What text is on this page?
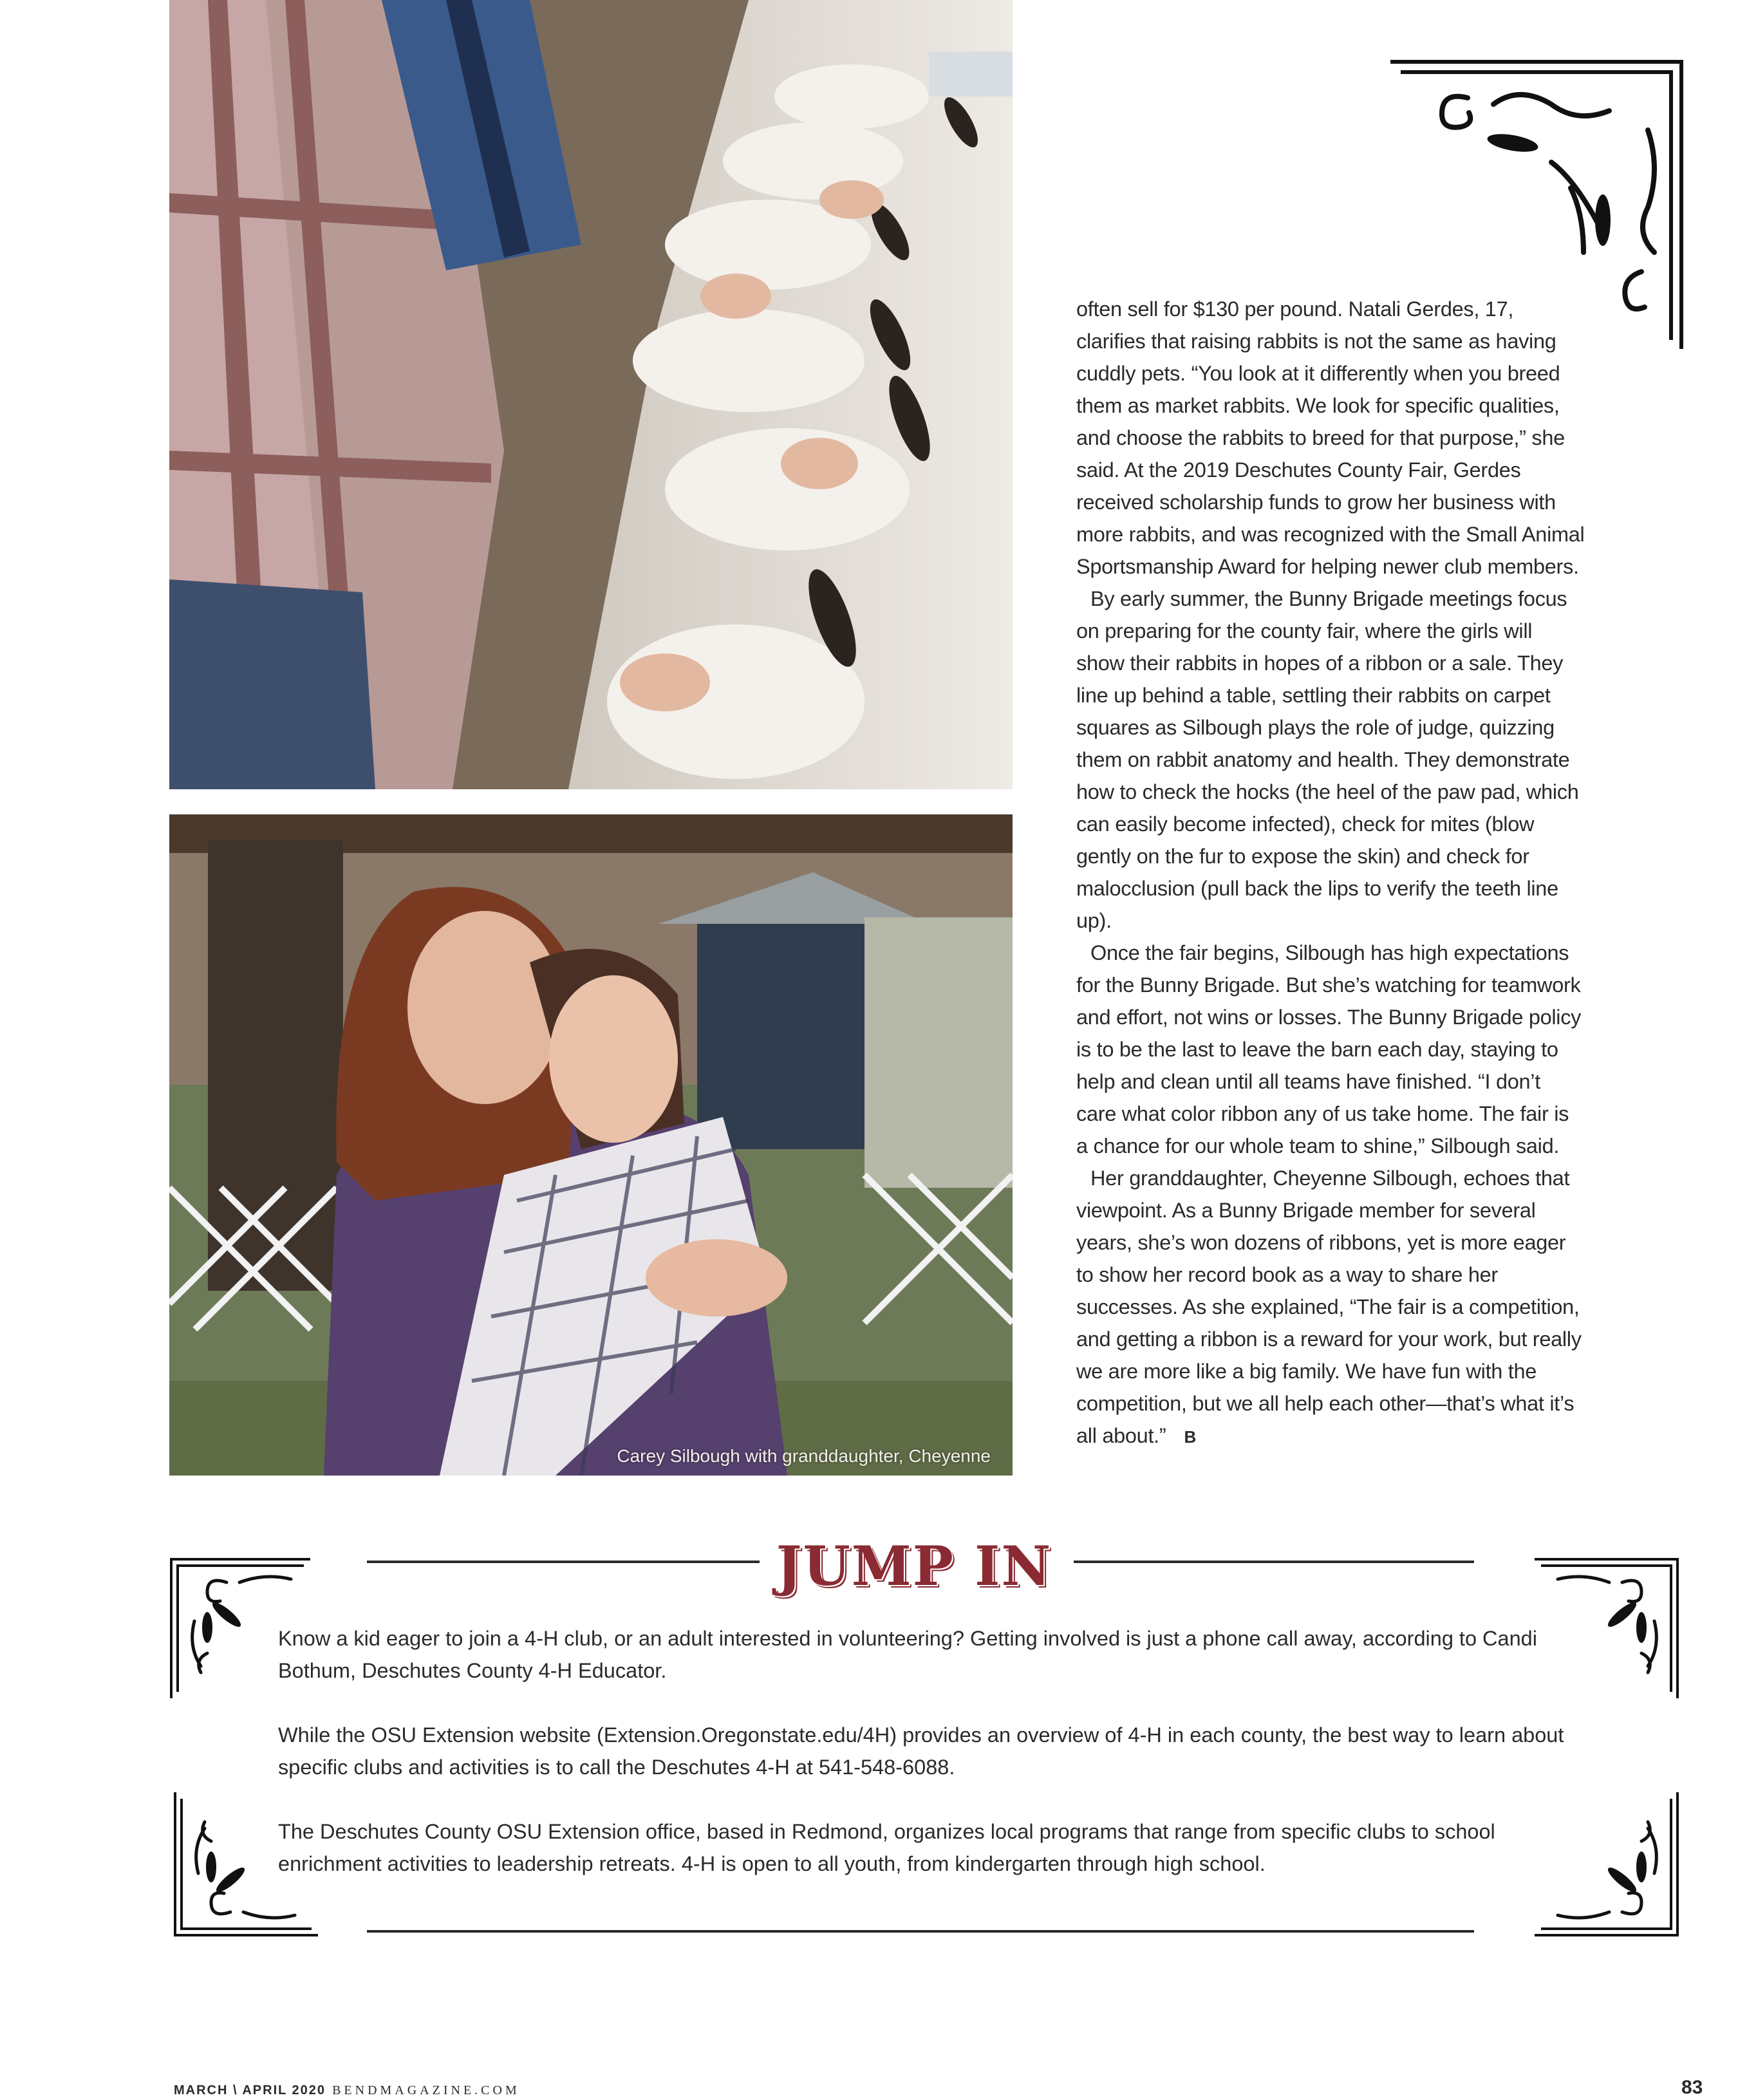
Carey Silbough with granddaughter, Cheyenne

often sell for $130 per pound. Natali Gerdes, 17, clarifies that raising rabbits is not the same as having cuddly pets. “You look at it differently when you breed them as market rabbits. We look for specific qualities, and choose the rabbits to breed for that purpose,” she said. At the 2019 Deschutes County Fair, Gerdes received scholarship funds to grow her business with more rabbits, and was recognized with the Small Animal Sportsmanship Award for helping newer club members.

By early summer, the Bunny Brigade meetings focus on preparing for the county fair, where the girls will show their rabbits in hopes of a ribbon or a sale. They line up behind a table, settling their rabbits on carpet squares as Silbough plays the role of judge, quizzing them on rabbit anatomy and health. They demonstrate how to check the hocks (the heel of the paw pad, which can easily become infected), check for mites (blow gently on the fur to expose the skin) and check for malocclusion (pull back the lips to verify the teeth line up).

Once the fair begins, Silbough has high expectations for the Bunny Brigade. But she’s watching for teamwork and effort, not wins or losses. The Bunny Brigade policy is to be the last to leave the barn each day, staying to help and clean until all teams have finished. “I don’t care what color ribbon any of us take home. The fair is a chance for our whole team to shine,” Silbough said.

Her granddaughter, Cheyenne Silbough, echoes that viewpoint. As a Bunny Brigade member for several years, she’s won dozens of ribbons, yet is more eager to show her record book as a way to share her successes. As she explained, “The fair is a competition, and getting a ribbon is a reward for your work, but really we are more like a big family. We have fun with the competition, but we all help each other—that’s what it’s all about.” B

JUMP IN

Know a kid eager to join a 4-H club, or an adult interested in volunteering? Getting involved is just a phone call away, according to Candi Bothum, Deschutes County 4-H Educator.

While the OSU Extension website (Extension.Oregonstate.edu/4H) provides an overview of 4-H in each county, the best way to learn about specific clubs and activities is to call the Deschutes 4-H at 541-548-6088.

The Deschutes County OSU Extension office, based in Redmond, organizes local programs that range from specific clubs to school enrichment activities to leadership retreats. 4-H is open to all youth, from kindergarten through high school.

MARCH \ APRIL 2020 BENDMAGAZINE.COM	83
